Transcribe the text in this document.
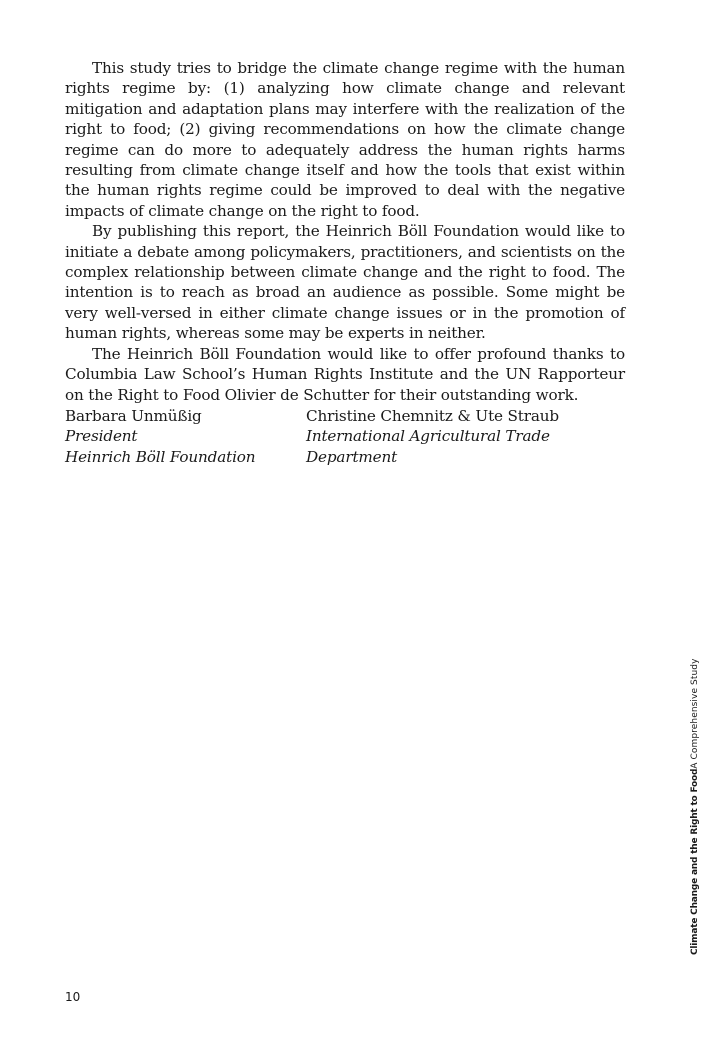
This study tries to bridge the climate change regime with the human rights regime by: (1) analyzing how climate change and relevant mitigation and adaptation plans may interfere with the realization of the right to food; (2) giving recommendations on how the climate change regime can do more to adequately address the human rights harms resulting from climate change itself and how the tools that exist within the human rights regime could be improved to deal with the negative impacts of climate change on the right to food.

By publishing this report, the Heinrich Böll Foundation would like to initiate a debate among policymakers, practitioners, and scientists on the complex relationship between climate change and the right to food. The intention is to reach as broad an audience as possible. Some might be very well-versed in either climate change issues or in the promotion of human rights, whereas some may be experts in neither.

The Heinrich Böll Foundation would like to offer profound thanks to Columbia Law School’s Human Rights Institute and the UN Rapporteur on the Right to Food Olivier de Schutter for their outstanding work.

Barbara Unmüßig
President
Heinrich Böll Foundation
Christine Chemnitz & Ute Straub
International Agricultural Trade
Department
10
Climate Change and the Right to FoodA Comprehensive Study
